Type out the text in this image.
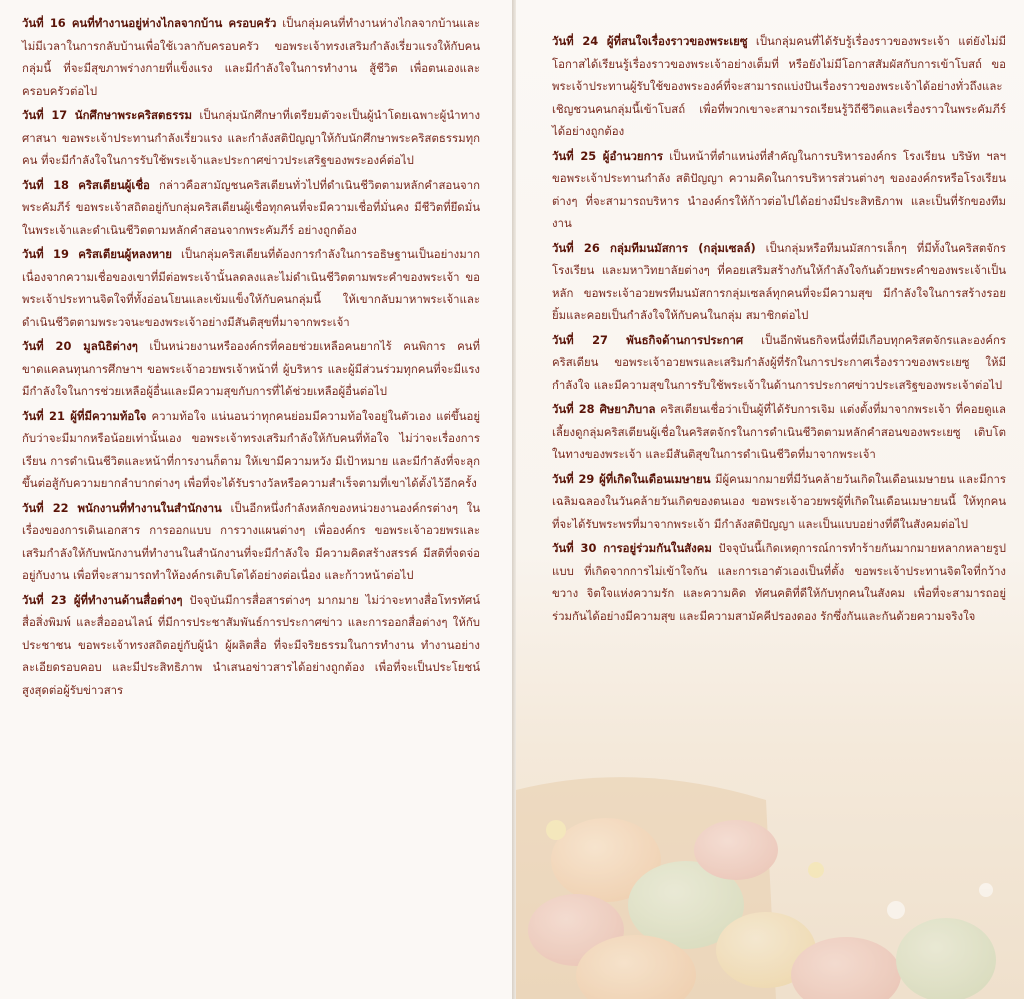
วันที่ 16 คนที่ทำงานอยู่ห่างไกลจากบ้าน ครอบครัว เป็นกลุ่มคนที่ทำงานห่างไกลจากบ้านและไม่มีเวลาในการกลับบ้านเพื่อใช้เวลากับครอบครัว ขอพระเจ้าทรงเสริมกำลังเรี่ยวแรงให้กับคนกลุ่มนี้ ที่จะมีสุขภาพร่างกายที่แข็งแรง และมีกำลังใจในการทำงาน สู้ชีวิต เพื่อตนเองและครอบครัวต่อไป

วันที่ 17 นักศึกษาพระคริสตธรรม เป็นกลุ่มนักศึกษาที่เตรียมตัวจะเป็นผู้นำโดยเฉพาะผู้นำทางศาสนา ขอพระเจ้าประทานกำลังเรี่ยวแรง และกำลังสติปัญญาให้กับนักศึกษาพระคริสตธรรมทุกคน ที่จะมีกำลังใจในการรับใช้พระเจ้าและประกาศข่าวประเสริฐของพระองค์ต่อไป

วันที่ 18 คริสเตียนผู้เชื่อ กล่าวคือสามัญชนคริสเตียนทั่วไปที่ดำเนินชีวิตตามหลักคำสอนจากพระคัมภีร์ ขอพระเจ้าสถิตอยู่กับกลุ่มคริสเตียนผู้เชื่อทุกคนที่จะมีความเชื่อที่มั่นคง มีชีวิตที่ยึดมั่นในพระเจ้าและดำเนินชีวิตตามหลักคำสอนจากพระคัมภีร์ อย่างถูกต้อง

วันที่ 19 คริสเตียนผู้หลงหาย เป็นกลุ่มคริสเตียนที่ต้องการกำลังในการอธิษฐานเป็นอย่างมาก เนื่องจากความเชื่อของเขาที่มีต่อพระเจ้านั้นลดลงและไม่ดำเนินชีวิตตามพระคำของพระเจ้า ขอพระเจ้าประทานจิตใจที่ทั้งอ่อนโยนและเข้มแข็งให้กับคนกลุ่มนี้ ให้เขากลับมาหาพระเจ้าและดำเนินชีวิตตามพระวจนะของพระเจ้าอย่างมีสันติสุขที่มาจากพระเจ้า

วันที่ 20 มูลนิธิต่างๆ เป็นหน่วยงานหรือองค์กรที่คอยช่วยเหลือคนยากไร้ คนพิการ คนที่ขาดแคลนทุนการศึกษาฯ ขอพระเจ้าอวยพรเจ้าหน้าที่ ผู้บริหาร และผู้มีส่วนร่วมทุกคนที่จะมีแรง มีกำลังใจในการช่วยเหลือผู้อื่นและมีความสุขกับการที่ได้ช่วยเหลือผู้อื่นต่อไป

วันที่ 21 ผู้ที่มีความท้อใจ ความท้อใจ แน่นอนว่าทุกคนย่อมมีความท้อใจอยู่ในตัวเอง แต่ขึ้นอยู่กับว่าจะมีมากหรือน้อยเท่านั้นเอง ขอพระเจ้าทรงเสริมกำลังให้กับคนที่ท้อใจ ไม่ว่าจะเรื่องการเรียน การดำเนินชีวิตและหน้าที่การงานก็ตาม ให้เขามีความหวัง มีเป้าหมาย และมีกำลังที่จะลุกขึ้นต่อสู้กับความยากลำบากต่างๆ เพื่อที่จะได้รับรางวัลหรือความสำเร็จตามที่เขาได้ตั้งไว้อีกครั้ง

วันที่ 22 พนักงานที่ทำงานในสำนักงาน เป็นอีกหนึ่งกำลังหลักของหน่วยงานองค์กรต่างๆ ในเรื่องของการเดินเอกสาร การออกแบบ การวางแผนต่างๆ เพื่อองค์กร ขอพระเจ้าอวยพรและเสริมกำลังให้กับพนักงานที่ทำงานในสำนักงานที่จะมีกำลังใจ มีความคิดสร้างสรรค์ มีสติที่จดจ่ออยู่กับงาน เพื่อที่จะสามารถทำให้องค์กรเติบโตได้อย่างต่อเนื่อง และก้าวหน้าต่อไป

วันที่ 23 ผู้ที่ทำงานด้านสื่อต่างๆ ปัจจุบันมีการสื่อสารต่างๆ มากมาย ไม่ว่าจะทางสื่อโทรทัศน์ สื่อสิ่งพิมพ์ และสื่อออนไลน์ ที่มีการประชาสัมพันธ์การประกาศข่าว และการออกสื่อต่างๆ ให้กับประชาชน ขอพระเจ้าทรงสถิตอยู่กับผู้นำ ผู้ผลิตสื่อ ที่จะมีจริยธรรมในการทำงาน ทำงานอย่างละเอียดรอบคอบ และมีประสิทธิภาพ นำเสนอข่าวสารได้อย่างถูกต้อง เพื่อที่จะเป็นประโยชน์สูงสุดต่อผู้รับข่าวสาร

วันที่ 24 ผู้ที่สนใจเรื่องราวของพระเยซู เป็นกลุ่มคนที่ได้รับรู้เรื่องราวของพระเจ้า แต่ยังไม่มีโอกาสได้เรียนรู้เรื่องราวของพระเจ้าอย่างเต็มที่ หรือยังไม่มีโอกาสสัมผัสกับการเข้าโบสถ์ ขอพระเจ้าประทานผู้รับใช้ของพระองค์ที่จะสามารถแบ่งปันเรื่องราวของพระเจ้าได้อย่างทั่วถึงและเชิญชวนคนกลุ่มนี้เข้าโบสถ์ เพื่อที่พวกเขาจะสามารถเรียนรู้วิถีชีวิตและเรื่องราวในพระคัมภีร์ได้อย่างถูกต้อง

วันที่ 25 ผู้อำนวยการ เป็นหน้าที่ตำแหน่งที่สำคัญในการบริหารองค์กร โรงเรียน บริษัท ฯลฯ ขอพระเจ้าประทานกำลัง สติปัญญา ความคิดในการบริหารส่วนต่างๆ ขององค์กรหรือโรงเรียนต่างๆ ที่จะสามารถบริหาร นำองค์กรให้ก้าวต่อไปได้อย่างมีประสิทธิภาพ และเป็นที่รักของทีมงาน

วันที่ 26 กลุ่มทีมนมัสการ (กลุ่มเซลล์) เป็นกลุ่มหรือทีมนมัสการเล็กๆ ที่มีทั้งในคริสตจักร โรงเรียน และมหาวิทยาลัยต่างๆ ที่คอยเสริมสร้างกันให้กำลังใจกันด้วยพระคำของพระเจ้าเป็นหลัก ขอพระเจ้าอวยพรทีมนมัสการกลุ่มเซลล์ทุกคนที่จะมีความสุข มีกำลังใจในการสร้างรอยยิ้มและคอยเป็นกำลังใจให้กับคนในกลุ่ม สมาชิกต่อไป

วันที่ 27 พันธกิจด้านการประกาศ เป็นอีกพันธกิจหนึ่งที่มีเกือบทุกคริสตจักรและองค์กรคริสเตียน ขอพระเจ้าอวยพรและเสริมกำลังผู้ที่รักในการประกาศเรื่องราวของพระเยซู ให้มีกำลังใจ และมีความสุขในการรับใช้พระเจ้าในด้านการประกาศข่าวประเสริฐของพระเจ้าต่อไป

วันที่ 28 ศิษยาภิบาล คริสเตียนเชื่อว่าเป็นผู้ที่ได้รับการเจิม แต่งตั้งที่มาจากพระเจ้า ที่คอยดูแล เลี้ยงดูกลุ่มคริสเตียนผู้เชื่อในคริสตจักรในการดำเนินชีวิตตามหลักคำสอนของพระเยซู เติบโตในทางของพระเจ้า และมีสันติสุขในการดำเนินชีวิตที่มาจากพระเจ้า

วันที่ 29 ผู้ที่เกิดในเดือนเมษายน มีผู้คนมากมายที่มีวันคล้ายวันเกิดในเดือนเมษายน และมีการเฉลิมฉลองในวันคล้ายวันเกิดของตนเอง ขอพระเจ้าอวยพรผู้ที่เกิดในเดือนเมษายนนี้ ให้ทุกคนที่จะได้รับพระพรที่มาจากพระเจ้า มีกำลังสติปัญญา และเป็นแบบอย่างที่ดีในสังคมต่อไป

วันที่ 30 การอยู่ร่วมกันในสังคม ปัจจุบันนี้เกิดเหตุการณ์การทำร้ายกันมากมายหลากหลายรูปแบบ ที่เกิดจากการไม่เข้าใจกัน และการเอาตัวเองเป็นที่ตั้ง ขอพระเจ้าประทานจิตใจที่กว้างขวาง จิตใจแห่งความรัก และความคิด ทัศนคติที่ดีให้กับทุกคนในสังคม เพื่อที่จะสามารถอยู่ร่วมกันได้อย่างมีความสุข และมีความสามัคคีปรองดอง รักซึ่งกันและกันด้วยความจริงใจ
